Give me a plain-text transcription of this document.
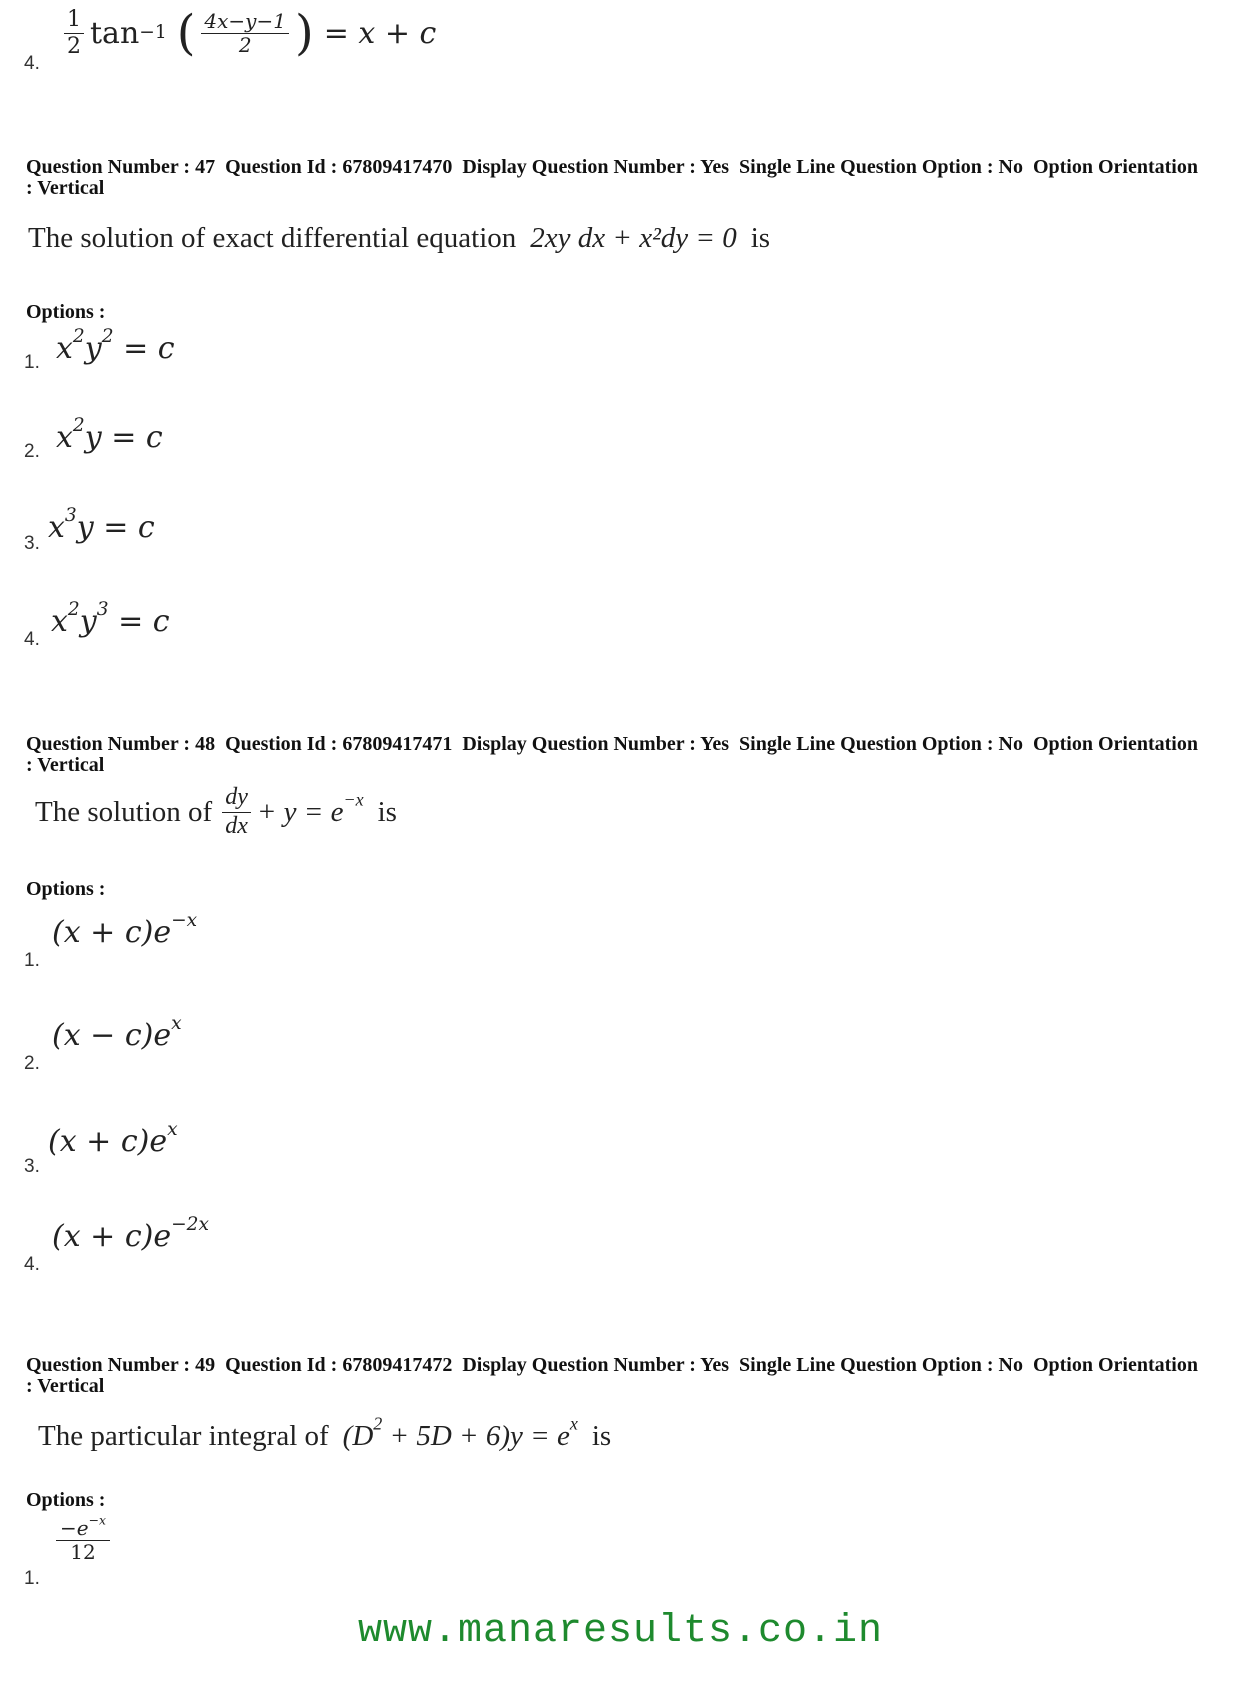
4.
$\frac{1}{2}$ tan −1 ( $\frac{4x-y-1}{2}$ ) = x + c
Question Number : 47  Question Id : 67809417470  Display Question Number : Yes  Single Line Question Option : No  Option Orientation : Vertical
The solution of exact differential equation 2xy dx + x²dy = 0 is
Options :
1. $x^2y^2 = c$
2. $x^2y = c$
3. $x^3y = c$
4.
$x^2y^3 = c$
Question Number : 48  Question Id : 67809417471  Display Question Number : Yes  Single Line Question Option : No  Option Orientation : Vertical
The solution of $\frac{dy}{dx} + y = e^{-x}$ is
Options :
1.
$(x + c)e^{-x}$
2.
$(x - c)e^x$
3.
$(x + c)e^x$
4.
$(x + c)e^{-2x}$
Question Number : 49  Question Id : 67809417472  Display Question Number : Yes  Single Line Question Option : No  Option Orientation : Vertical
The particular integral of $(D^2 + 5D + 6)y = e^x$ is
Options :
1.
$\frac{-e^{-x}}{12}$
www.manaresults.co.in
